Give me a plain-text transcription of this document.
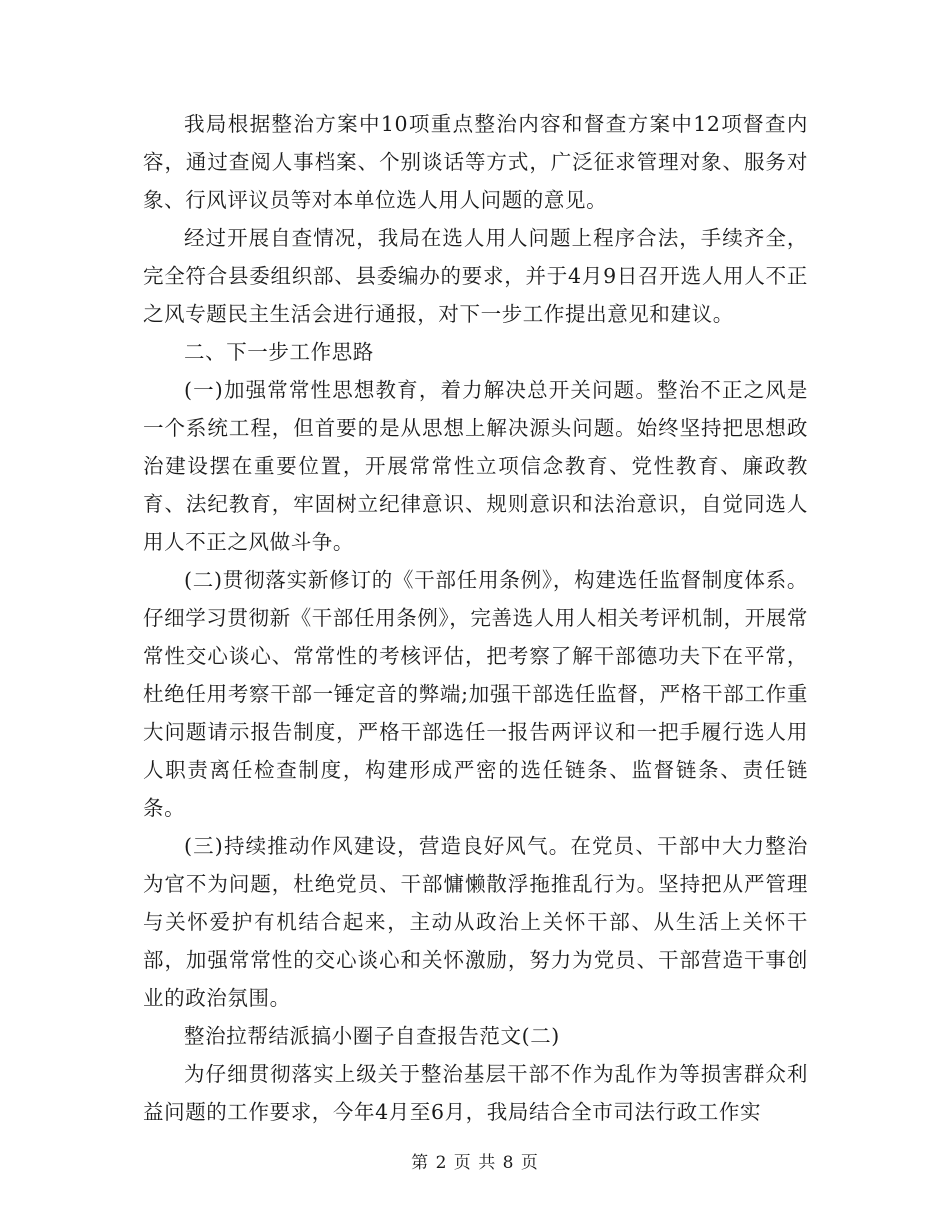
我局根据整治方案中10项重点整治内容和督查方案中12项督查内容，通过查阅人事档案、个别谈话等方式，广泛征求管理对象、服务对象、行风评议员等对本单位选人用人问题的意见。

经过开展自查情况，我局在选人用人问题上程序合法，手续齐全，完全符合县委组织部、县委编办的要求，并于4月9日召开选人用人不正之风专题民主生活会进行通报，对下一步工作提出意见和建议。

二、下一步工作思路

(一)加强常常性思想教育，着力解决总开关问题。整治不正之风是一个系统工程，但首要的是从思想上解决源头问题。始终坚持把思想政治建设摆在重要位置，开展常常性立项信念教育、党性教育、廉政教育、法纪教育，牢固树立纪律意识、规则意识和法治意识，自觉同选人用人不正之风做斗争。

(二)贯彻落实新修订的《干部任用条例》，构建选任监督制度体系。仔细学习贯彻新《干部任用条例》，完善选人用人相关考评机制，开展常常性交心谈心、常常性的考核评估，把考察了解干部德功夫下在平常，杜绝任用考察干部一锤定音的弊端;加强干部选任监督，严格干部工作重大问题请示报告制度，严格干部选任一报告两评议和一把手履行选人用人职责离任检查制度，构建形成严密的选任链条、监督链条、责任链条。

(三)持续推动作风建设，营造良好风气。在党员、干部中大力整治为官不为问题，杜绝党员、干部慵懒散浮拖推乱行为。坚持把从严管理与关怀爱护有机结合起来，主动从政治上关怀干部、从生活上关怀干部，加强常常性的交心谈心和关怀激励，努力为党员、干部营造干事创业的政治氛围。

整治拉帮结派搞小圈子自查报告范文(二)

为仔细贯彻落实上级关于整治基层干部不作为乱作为等损害群众利益问题的工作要求，今年4月至6月，我局结合全市司法行政工作实

第 2 页 共 8 页
